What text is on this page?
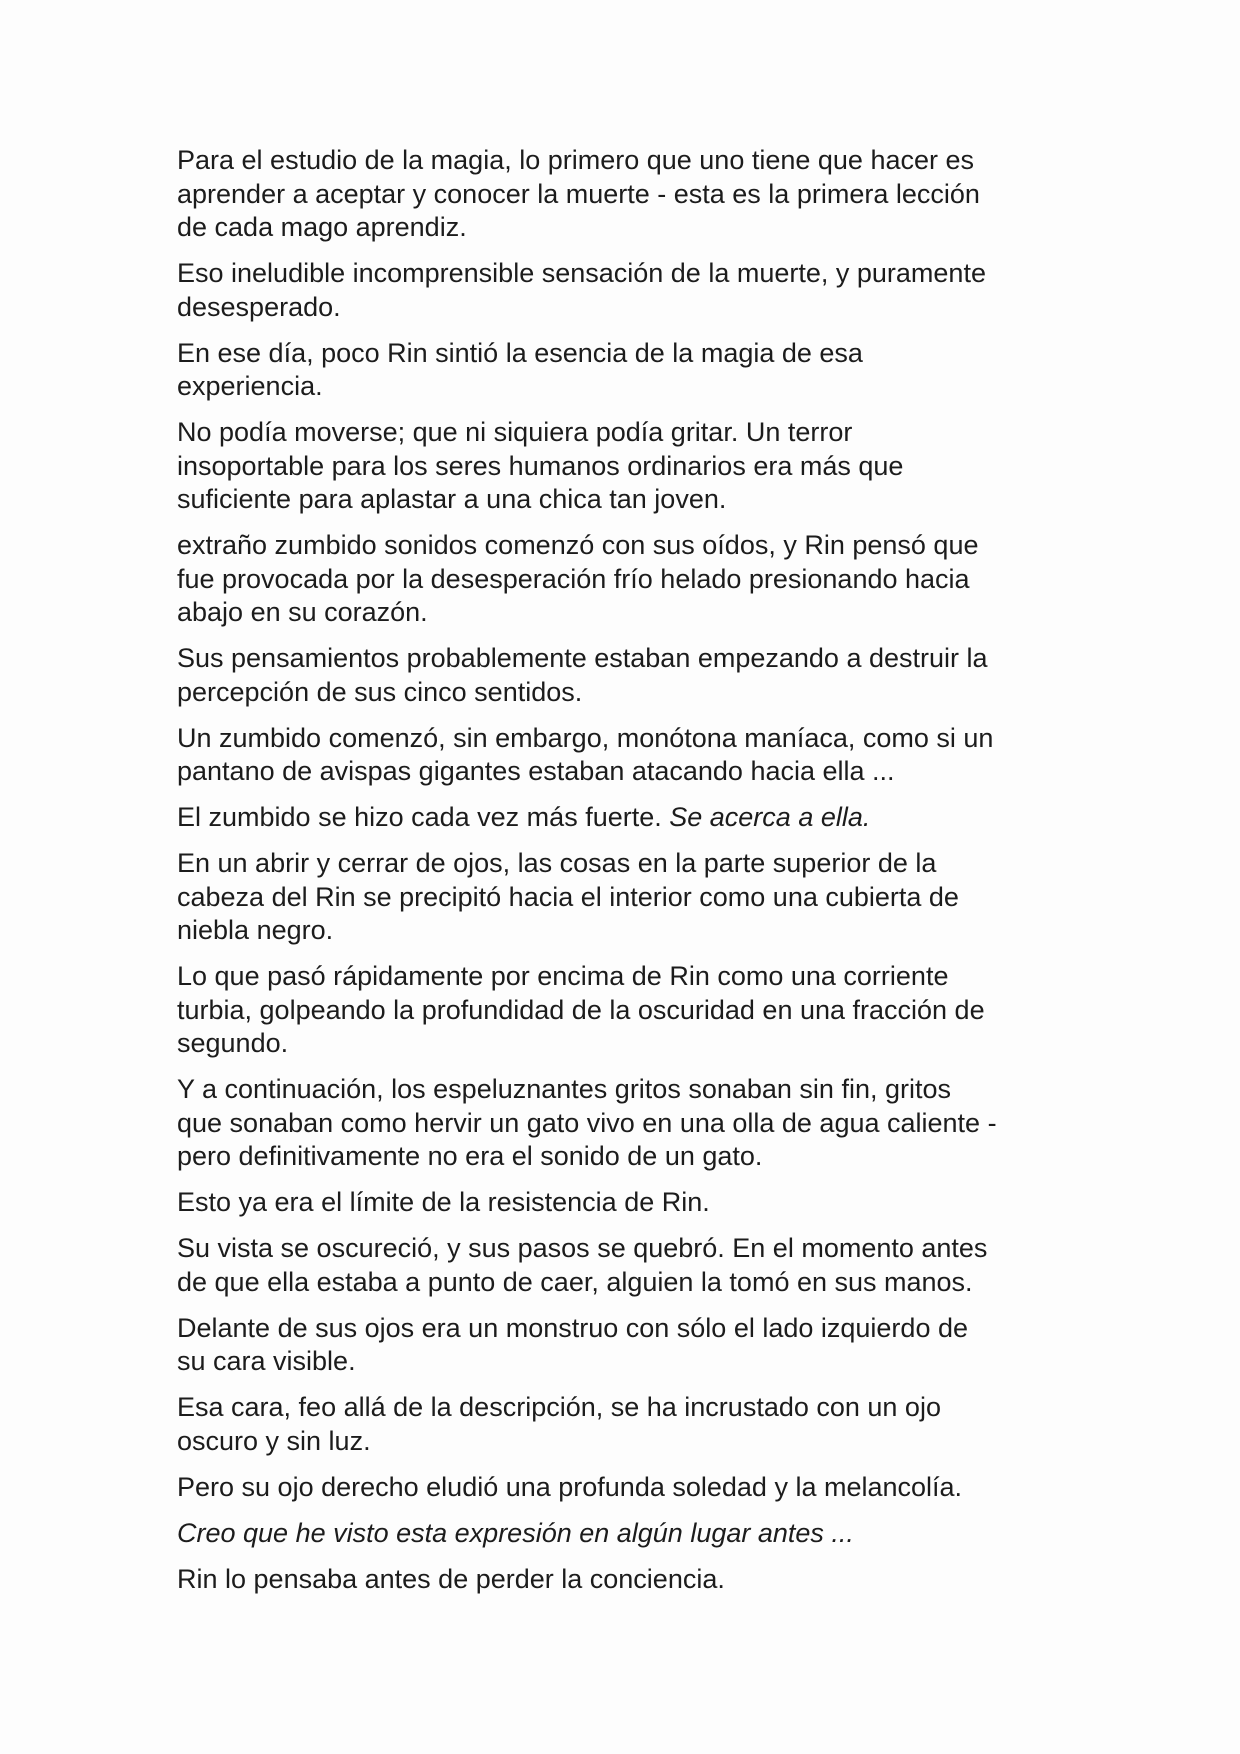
Para el estudio de la magia, lo primero que uno tiene que hacer es
aprender a aceptar y conocer la muerte - esta es la primera lección
de cada mago aprendiz.

Eso ineludible incomprensible sensación de la muerte, y puramente
desesperado.

En ese día, poco Rin sintió la esencia de la magia de esa
experiencia.

No podía moverse; que ni siquiera podía gritar. Un terror
insoportable para los seres humanos ordinarios era más que
suficiente para aplastar a una chica tan joven.

extraño zumbido sonidos comenzó con sus oídos, y Rin pensó que
fue provocada por la desesperación frío helado presionando hacia
abajo en su corazón.

Sus pensamientos probablemente estaban empezando a destruir la
percepción de sus cinco sentidos.

Un zumbido comenzó, sin embargo, monótona maníaca, como si un
pantano de avispas gigantes estaban atacando hacia ella ...

El zumbido se hizo cada vez más fuerte. Se acerca a ella.

En un abrir y cerrar de ojos, las cosas en la parte superior de la
cabeza del Rin se precipitó hacia el interior como una cubierta de
niebla negro.

Lo que pasó rápidamente por encima de Rin como una corriente
turbia, golpeando la profundidad de la oscuridad en una fracción de
segundo.

Y a continuación, los espeluznantes gritos sonaban sin fin, gritos
que sonaban como hervir un gato vivo en una olla de agua caliente -
pero definitivamente no era el sonido de un gato.

Esto ya era el límite de la resistencia de Rin.

Su vista se oscureció, y sus pasos se quebró. En el momento antes
de que ella estaba a punto de caer, alguien la tomó en sus manos.

Delante de sus ojos era un monstruo con sólo el lado izquierdo de
su cara visible.

Esa cara, feo allá de la descripción, se ha incrustado con un ojo
oscuro y sin luz.

Pero su ojo derecho eludió una profunda soledad y la melancolía.

Creo que he visto esta expresión en algún lugar antes ...

Rin lo pensaba antes de perder la conciencia.
